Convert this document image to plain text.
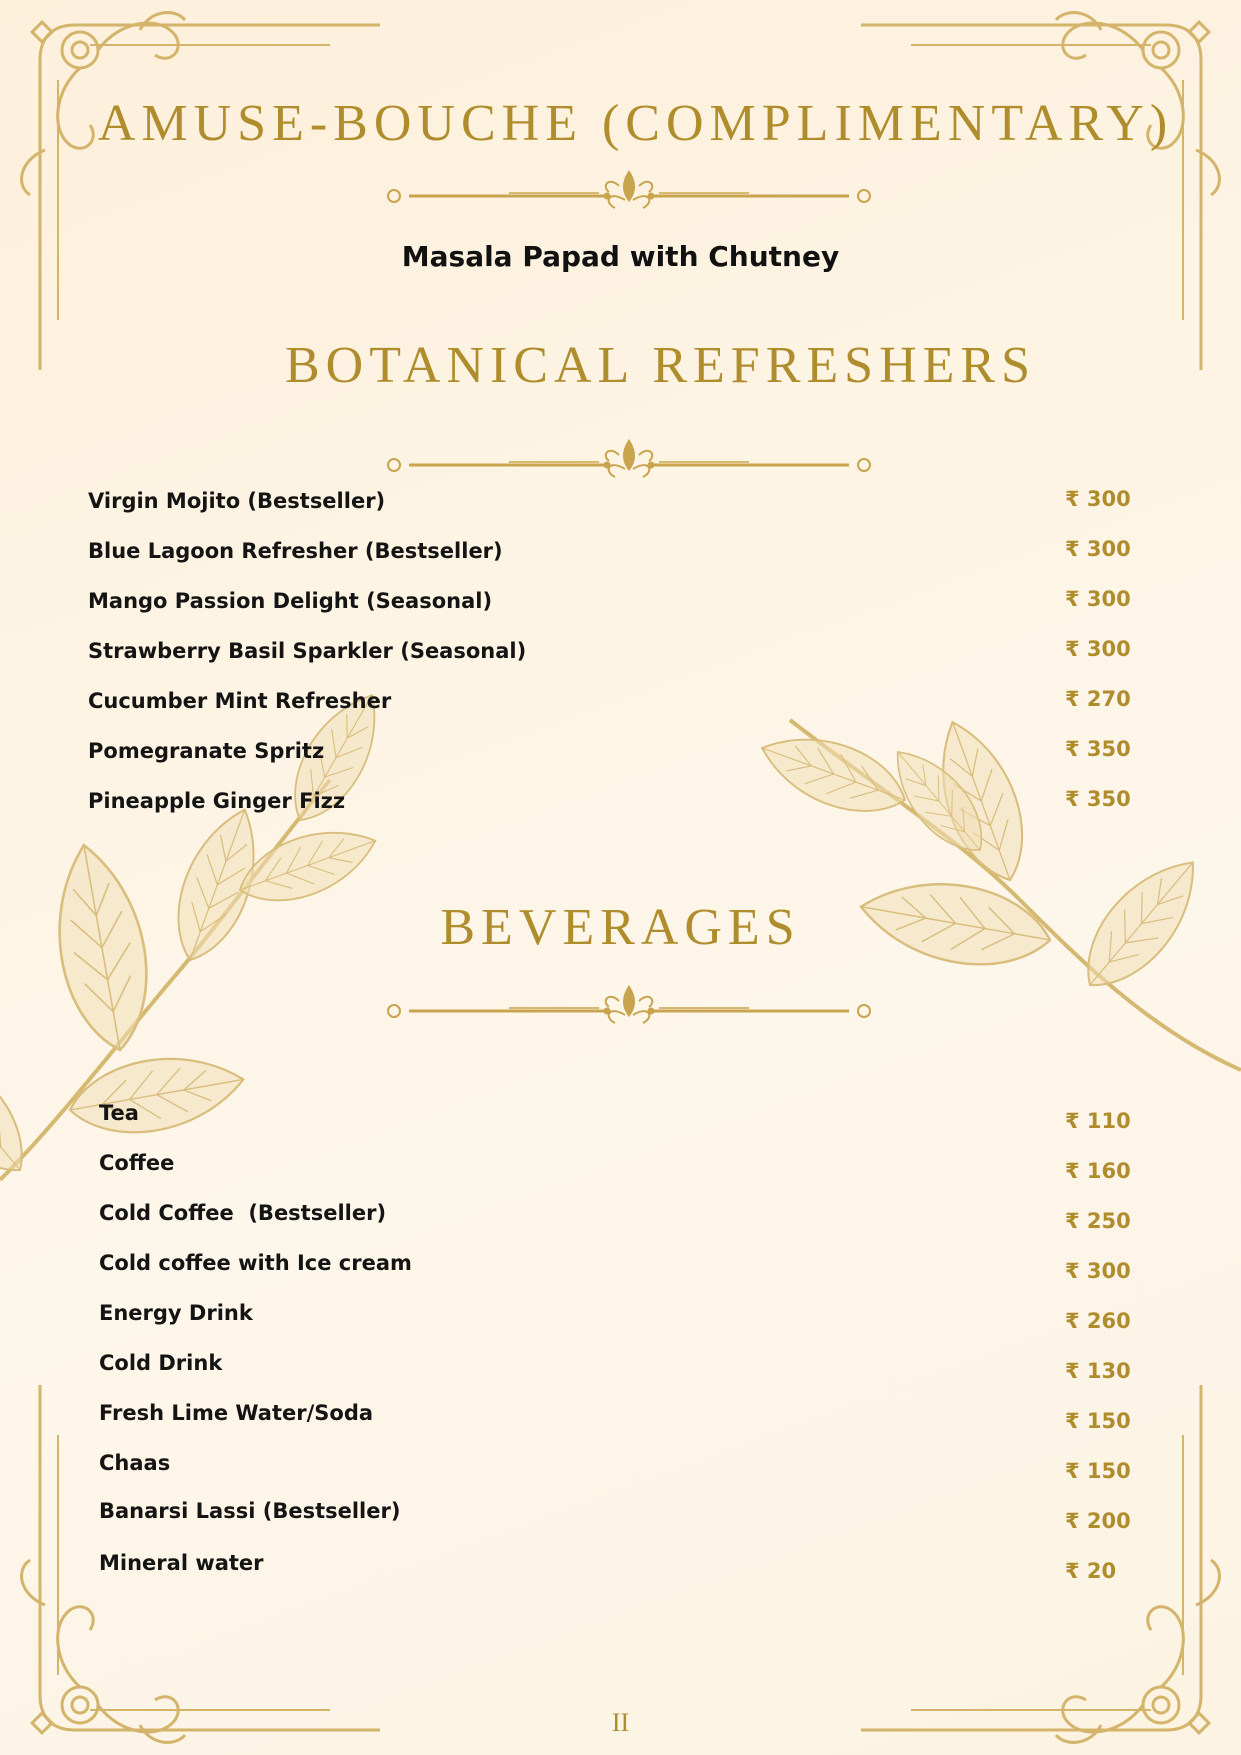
AMUSE-BOUCHE (COMPLIMENTARY)
Masala Papad with Chutney
BOTANICAL REFRESHERS
BEVERAGES
Virgin Mojito (Bestseller)	₹ 300
Blue Lagoon Refresher (Bestseller)	₹ 300
Mango Passion Delight (Seasonal)	₹ 300
Strawberry Basil Sparkler (Seasonal)	₹ 300
Cucumber Mint Refresher	₹ 270
Pomegranate Spritz	₹ 350
Pineapple Ginger Fizz	₹ 350
Tea	₹ 110
Coffee	₹ 160
Cold Coffee  (Bestseller)	₹ 250
Cold coffee with Ice cream	₹ 300
Energy Drink	₹ 260
Cold Drink	₹ 130
Fresh Lime Water/Soda	₹ 150
Chaas	₹ 150
Banarsi Lassi (Bestseller)	₹ 200
Mineral water	₹ 20
II
